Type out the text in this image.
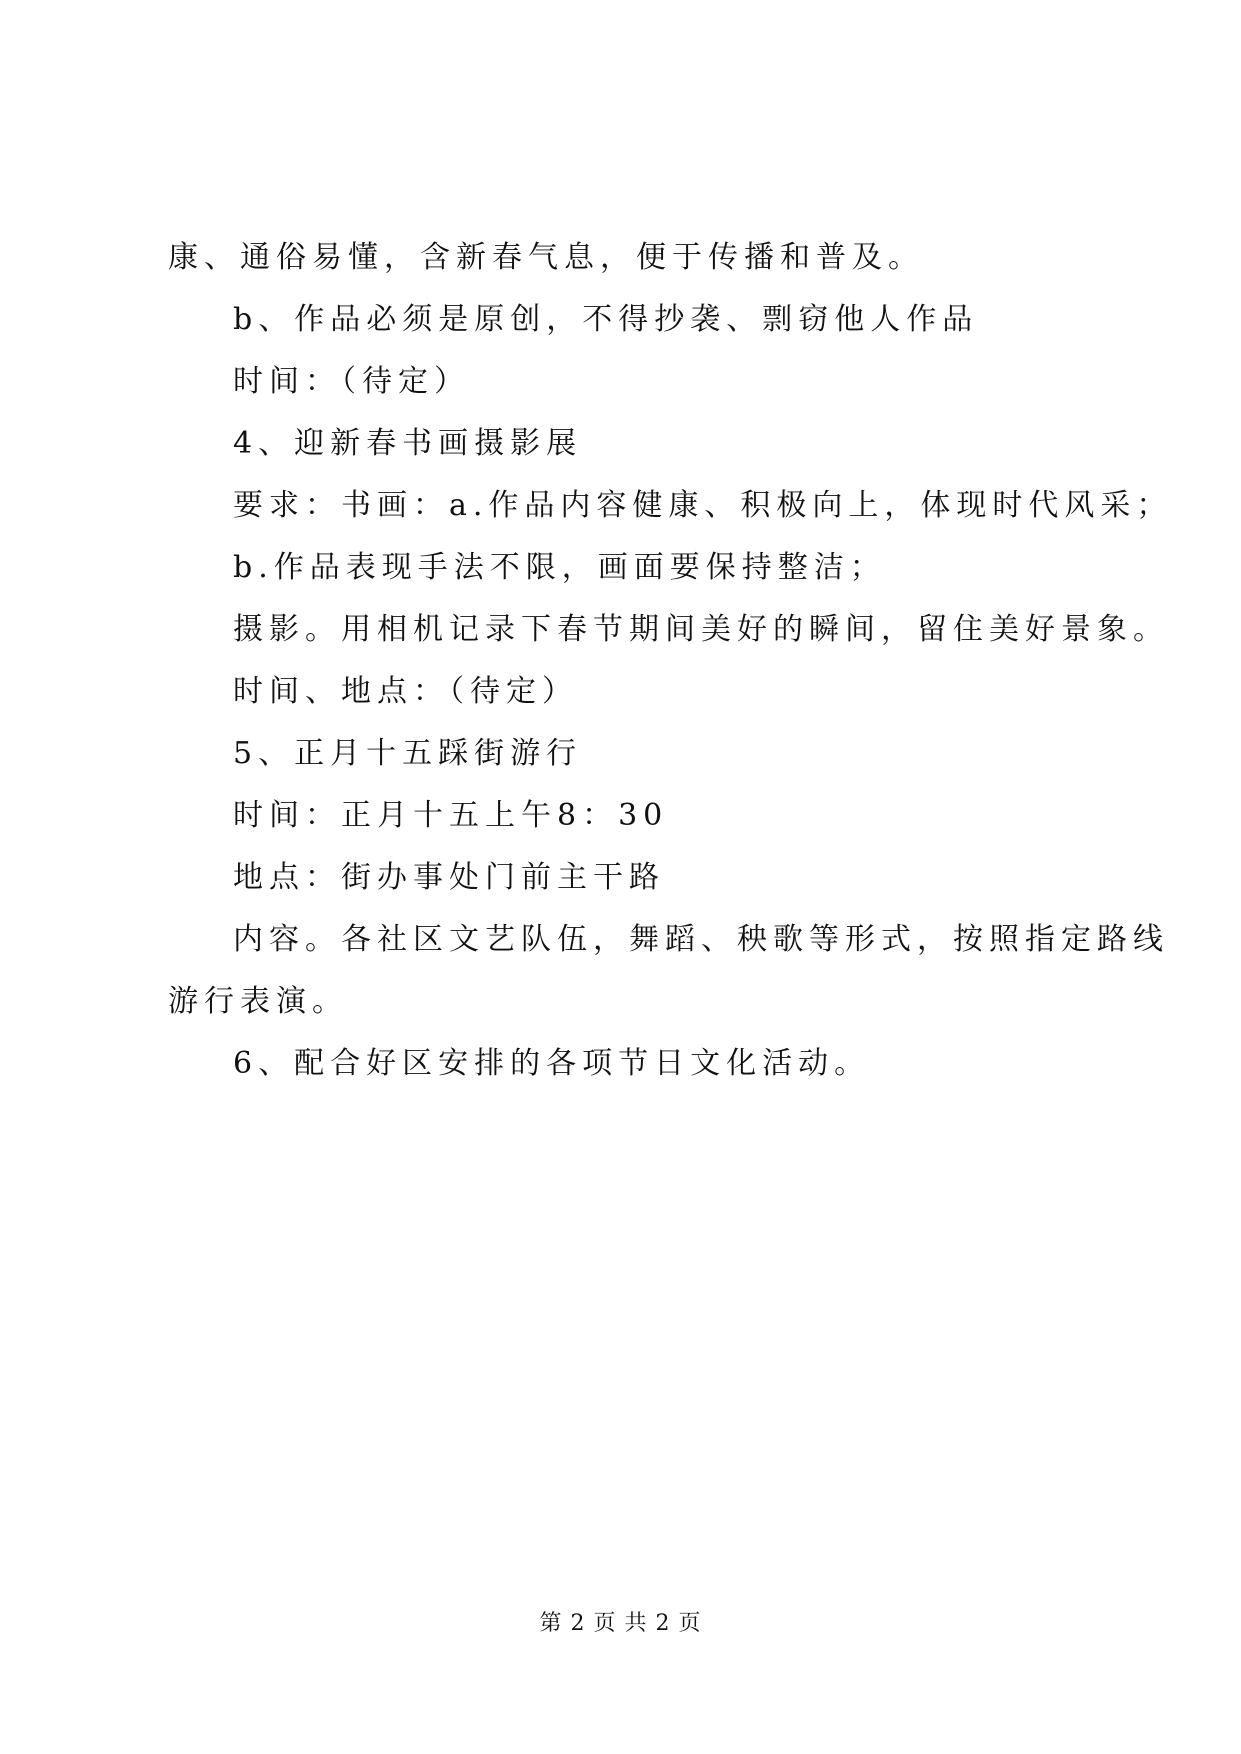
康、通俗易懂，含新春气息，便于传播和普及。
b、作品必须是原创，不得抄袭、剽窃他人作品
时间：（待定）
4、迎新春书画摄影展
要求：书画：a.作品内容健康、积极向上，体现时代风采；
b.作品表现手法不限，画面要保持整洁；
摄影。用相机记录下春节期间美好的瞬间，留住美好景象。
时间、地点：（待定）
5、正月十五踩街游行
时间：正月十五上午8：30
地点：街办事处门前主干路
内容。各社区文艺队伍，舞蹈、秧歌等形式，按照指定路线
游行表演。
6、配合好区安排的各项节日文化活动。
第 2 页 共 2 页
